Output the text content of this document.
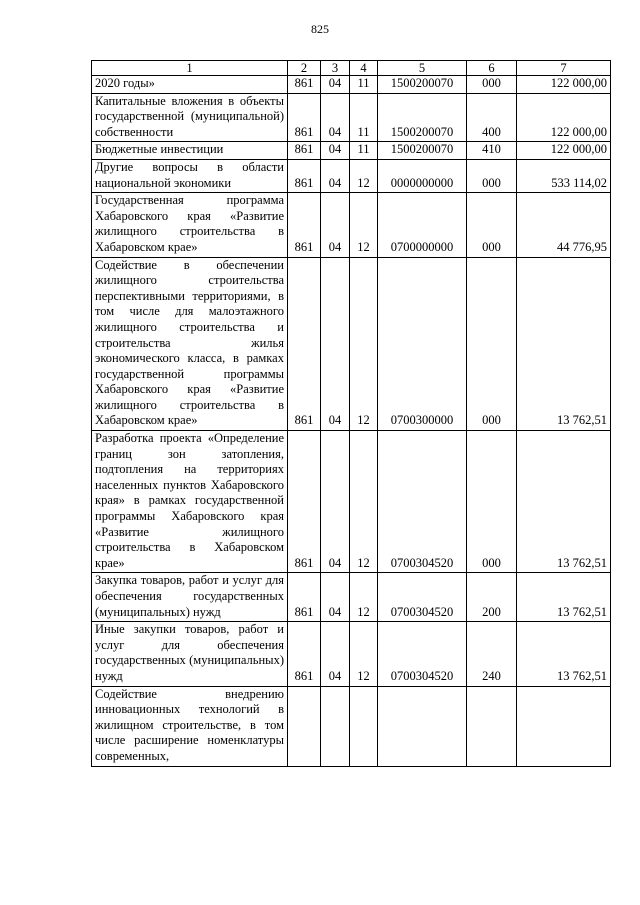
825
1	2	3	4	5	6	7
2020 годы»	861	04	11	1500200070	000	122 000,00
Капитальные вложения в объекты государственной (муниципальной) собственности	861	04	11	1500200070	400	122 000,00
Бюджетные инвестиции	861	04	11	1500200070	410	122 000,00
Другие вопросы в области национальной экономики	861	04	12	0000000000	000	533 114,02
Государственная программа Хабаровского края «Развитие жилищного строительства в Хабаровском крае»	861	04	12	0700000000	000	44 776,95
Содействие в обеспечении жилищного строительства перспективными территориями, в том числе для малоэтажного жилищного строительства и строительства жилья экономического класса, в рамках государственной программы Хабаровского края «Развитие жилищного строительства в Хабаровском крае»	861	04	12	0700300000	000	13 762,51
Разработка проекта «Определение границ зон затопления, подтопления на территориях населенных пунктов Хабаровского края» в рамках государственной программы Хабаровского края «Развитие жилищного строительства в Хабаровском крае»	861	04	12	0700304520	000	13 762,51
Закупка товаров, работ и услуг для обеспечения государственных (муниципальных) нужд	861	04	12	0700304520	200	13 762,51
Иные закупки товаров, работ и услуг для обеспечения государственных (муниципальных) нужд	861	04	12	0700304520	240	13 762,51
Содействие внедрению инновационных технологий в жилищном строительстве, в том числе расширение номенклатуры современных,						
